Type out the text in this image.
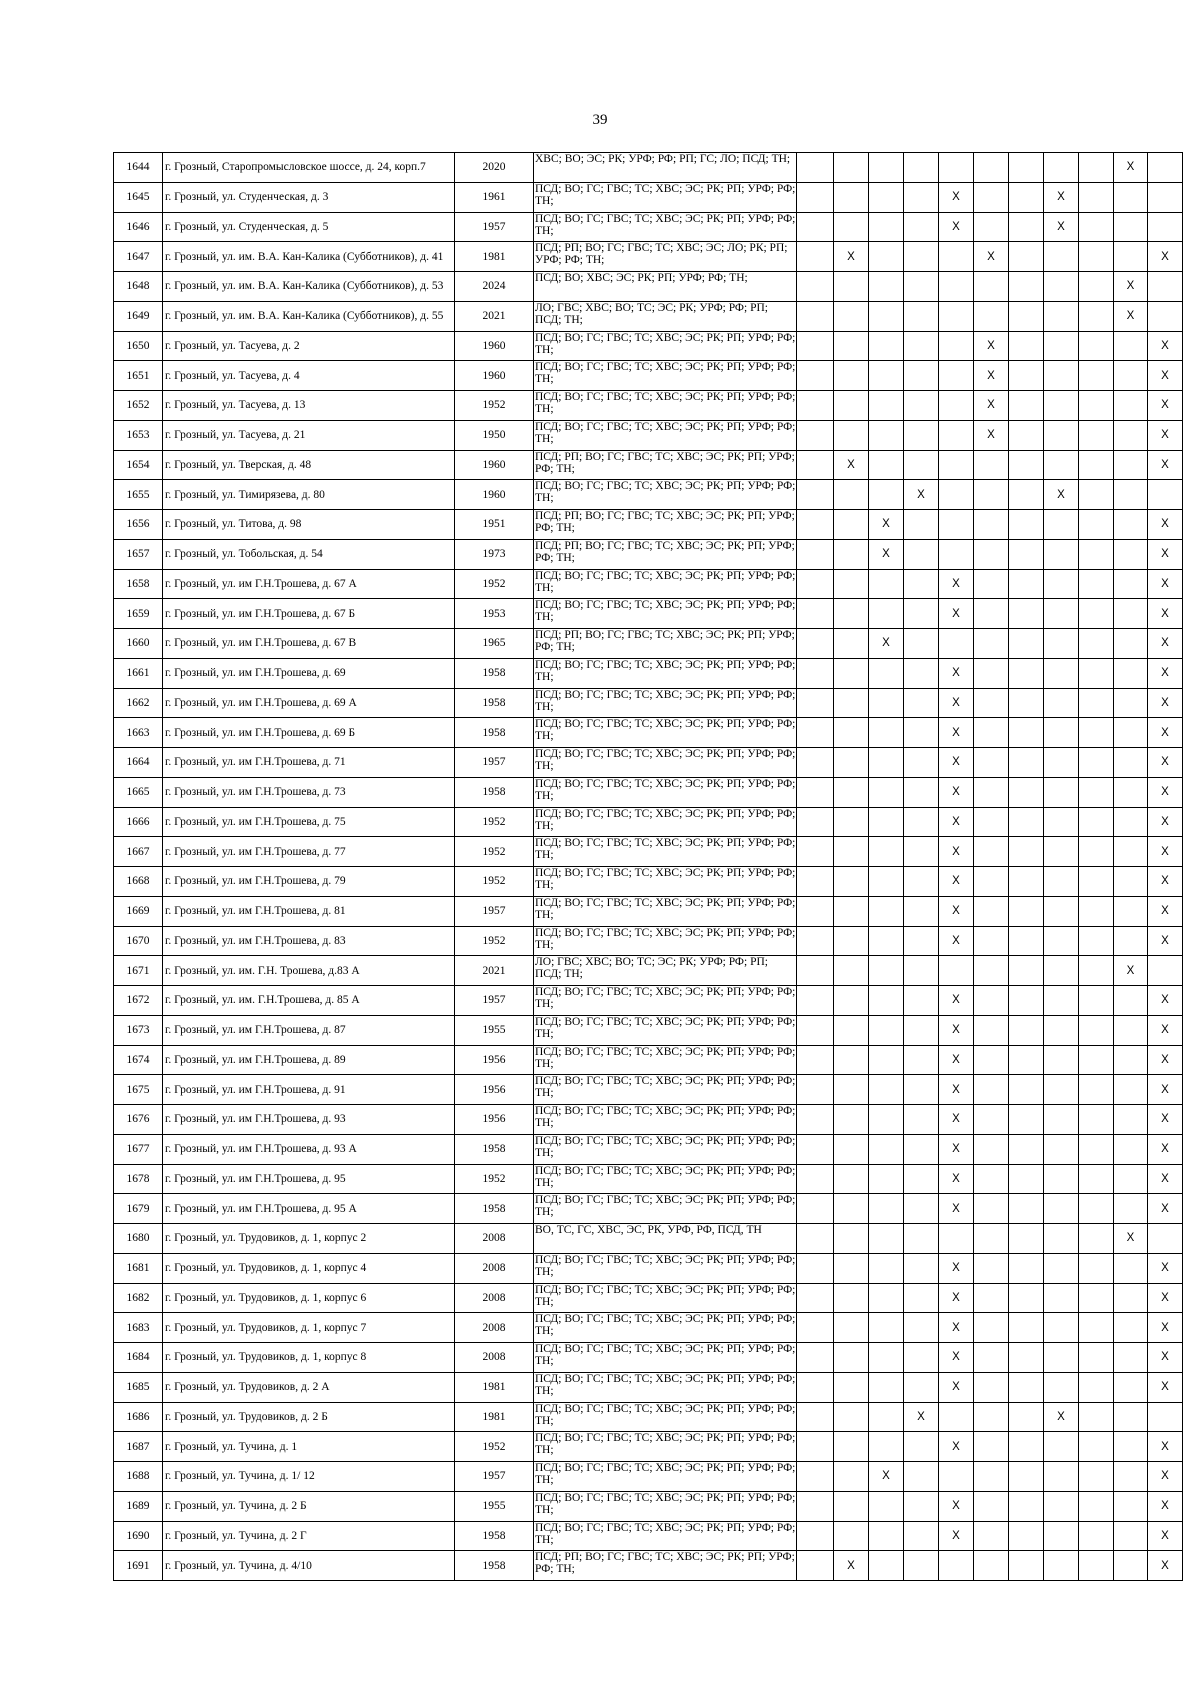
39
1644	г. Грозный, Старопромысловское шоссе, д. 24, корп.7	2020	ХВС; ВО; ЭС; РК; УРФ; РФ; РП; ГС; ЛО; ПСД; ТН;										X	
1645	г. Грозный, ул. Студенческая, д. 3	1961	ПСД; ВО; ГС; ГВС; ТС; ХВС; ЭС; РК; РП; УРФ; РФ; ТН;					X			X			
1646	г. Грозный, ул. Студенческая, д. 5	1957	ПСД; ВО; ГС; ГВС; ТС; ХВС; ЭС; РК; РП; УРФ; РФ; ТН;					X			X			
1647	г. Грозный, ул. им. В.А. Кан-Калика (Субботников), д. 41	1981	ПСД; РП; ВО; ГС; ГВС; ТС; ХВС; ЭС; ЛО; РК; РП; УРФ; РФ; ТН;		X				X					X
1648	г. Грозный, ул. им. В.А. Кан-Калика (Субботников), д. 53	2024	ПСД; ВО; ХВС; ЭС; РК; РП; УРФ; РФ; ТН;										X	
1649	г. Грозный, ул. им. В.А. Кан-Калика (Субботников), д. 55	2021	ЛО; ГВС; ХВС; ВО; ТС; ЭС; РК; УРФ; РФ; РП; ПСД; ТН;										X	
1650	г. Грозный, ул. Тасуева, д. 2	1960	ПСД; ВО; ГС; ГВС; ТС; ХВС; ЭС; РК; РП; УРФ; РФ; ТН;						X					X
1651	г. Грозный, ул. Тасуева, д. 4	1960	ПСД; ВО; ГС; ГВС; ТС; ХВС; ЭС; РК; РП; УРФ; РФ; ТН;						X					X
1652	г. Грозный, ул. Тасуева, д. 13	1952	ПСД; ВО; ГС; ГВС; ТС; ХВС; ЭС; РК; РП; УРФ; РФ; ТН;						X					X
1653	г. Грозный, ул. Тасуева, д. 21	1950	ПСД; ВО; ГС; ГВС; ТС; ХВС; ЭС; РК; РП; УРФ; РФ; ТН;						X					X
1654	г. Грозный, ул. Тверская, д. 48	1960	ПСД; РП; ВО; ГС; ГВС; ТС; ХВС; ЭС; РК; РП; УРФ; РФ; ТН;		X									X
1655	г. Грозный, ул. Тимирязева, д. 80	1960	ПСД; ВО; ГС; ГВС; ТС; ХВС; ЭС; РК; РП; УРФ; РФ; ТН;				X				X			
1656	г. Грозный, ул. Титова, д. 98	1951	ПСД; РП; ВО; ГС; ГВС; ТС; ХВС; ЭС; РК; РП; УРФ; РФ; ТН;			X								X
1657	г. Грозный, ул. Тобольская, д. 54	1973	ПСД; РП; ВО; ГС; ГВС; ТС; ХВС; ЭС; РК; РП; УРФ; РФ; ТН;			X								X
1658	г. Грозный, ул. им Г.Н.Трошева, д. 67 А	1952	ПСД; ВО; ГС; ГВС; ТС; ХВС; ЭС; РК; РП; УРФ; РФ; ТН;					X						X
1659	г. Грозный, ул. им Г.Н.Трошева, д. 67 Б	1953	ПСД; ВО; ГС; ГВС; ТС; ХВС; ЭС; РК; РП; УРФ; РФ; ТН;					X						X
1660	г. Грозный, ул. им Г.Н.Трошева, д. 67 В	1965	ПСД; РП; ВО; ГС; ГВС; ТС; ХВС; ЭС; РК; РП; УРФ; РФ; ТН;			X								X
1661	г. Грозный, ул. им Г.Н.Трошева, д. 69	1958	ПСД; ВО; ГС; ГВС; ТС; ХВС; ЭС; РК; РП; УРФ; РФ; ТН;					X						X
1662	г. Грозный, ул. им Г.Н.Трошева, д. 69 А	1958	ПСД; ВО; ГС; ГВС; ТС; ХВС; ЭС; РК; РП; УРФ; РФ; ТН;					X						X
1663	г. Грозный, ул. им Г.Н.Трошева, д. 69 Б	1958	ПСД; ВО; ГС; ГВС; ТС; ХВС; ЭС; РК; РП; УРФ; РФ; ТН;					X						X
1664	г. Грозный, ул. им Г.Н.Трошева, д. 71	1957	ПСД; ВО; ГС; ГВС; ТС; ХВС; ЭС; РК; РП; УРФ; РФ; ТН;					X						X
1665	г. Грозный, ул. им Г.Н.Трошева, д. 73	1958	ПСД; ВО; ГС; ГВС; ТС; ХВС; ЭС; РК; РП; УРФ; РФ; ТН;					X						X
1666	г. Грозный, ул. им Г.Н.Трошева, д. 75	1952	ПСД; ВО; ГС; ГВС; ТС; ХВС; ЭС; РК; РП; УРФ; РФ; ТН;					X						X
1667	г. Грозный, ул. им Г.Н.Трошева, д. 77	1952	ПСД; ВО; ГС; ГВС; ТС; ХВС; ЭС; РК; РП; УРФ; РФ; ТН;					X						X
1668	г. Грозный, ул. им Г.Н.Трошева, д. 79	1952	ПСД; ВО; ГС; ГВС; ТС; ХВС; ЭС; РК; РП; УРФ; РФ; ТН;					X						X
1669	г. Грозный, ул. им Г.Н.Трошева, д. 81	1957	ПСД; ВО; ГС; ГВС; ТС; ХВС; ЭС; РК; РП; УРФ; РФ; ТН;					X						X
1670	г. Грозный, ул. им Г.Н.Трошева, д. 83	1952	ПСД; ВО; ГС; ГВС; ТС; ХВС; ЭС; РК; РП; УРФ; РФ; ТН;					X						X
1671	г. Грозный, ул. им. Г.Н. Трошева, д.83 А	2021	ЛО; ГВС; ХВС; ВО; ТС; ЭС; РК; УРФ; РФ; РП; ПСД; ТН;										X	
1672	г. Грозный, ул. им. Г.Н.Трошева, д. 85 А	1957	ПСД; ВО; ГС; ГВС; ТС; ХВС; ЭС; РК; РП; УРФ; РФ; ТН;					X						X
1673	г. Грозный, ул. им Г.Н.Трошева, д. 87	1955	ПСД; ВО; ГС; ГВС; ТС; ХВС; ЭС; РК; РП; УРФ; РФ; ТН;					X						X
1674	г. Грозный, ул. им Г.Н.Трошева, д. 89	1956	ПСД; ВО; ГС; ГВС; ТС; ХВС; ЭС; РК; РП; УРФ; РФ; ТН;					X						X
1675	г. Грозный, ул. им Г.Н.Трошева, д. 91	1956	ПСД; ВО; ГС; ГВС; ТС; ХВС; ЭС; РК; РП; УРФ; РФ; ТН;					X						X
1676	г. Грозный, ул. им Г.Н.Трошева, д. 93	1956	ПСД; ВО; ГС; ГВС; ТС; ХВС; ЭС; РК; РП; УРФ; РФ; ТН;					X						X
1677	г. Грозный, ул. им Г.Н.Трошева, д. 93 А	1958	ПСД; ВО; ГС; ГВС; ТС; ХВС; ЭС; РК; РП; УРФ; РФ; ТН;					X						X
1678	г. Грозный, ул. им Г.Н.Трошева, д. 95	1952	ПСД; ВО; ГС; ГВС; ТС; ХВС; ЭС; РК; РП; УРФ; РФ; ТН;					X						X
1679	г. Грозный, ул. им Г.Н.Трошева, д. 95 А	1958	ПСД; ВО; ГС; ГВС; ТС; ХВС; ЭС; РК; РП; УРФ; РФ; ТН;					X						X
1680	г. Грозный, ул. Трудовиков, д. 1, корпус 2	2008	ВО, ТС, ГС, ХВС, ЭС, РК, УРФ, РФ, ПСД, ТН										X	
1681	г. Грозный, ул. Трудовиков, д. 1, корпус 4	2008	ПСД; ВО; ГС; ГВС; ТС; ХВС; ЭС; РК; РП; УРФ; РФ; ТН;					X						X
1682	г. Грозный, ул. Трудовиков, д. 1, корпус 6	2008	ПСД; ВО; ГС; ГВС; ТС; ХВС; ЭС; РК; РП; УРФ; РФ; ТН;					X						X
1683	г. Грозный, ул. Трудовиков, д. 1, корпус 7	2008	ПСД; ВО; ГС; ГВС; ТС; ХВС; ЭС; РК; РП; УРФ; РФ; ТН;					X						X
1684	г. Грозный, ул. Трудовиков, д. 1, корпус 8	2008	ПСД; ВО; ГС; ГВС; ТС; ХВС; ЭС; РК; РП; УРФ; РФ; ТН;					X						X
1685	г. Грозный, ул. Трудовиков, д. 2 А	1981	ПСД; ВО; ГС; ГВС; ТС; ХВС; ЭС; РК; РП; УРФ; РФ; ТН;					X						X
1686	г. Грозный, ул. Трудовиков, д. 2 Б	1981	ПСД; ВО; ГС; ГВС; ТС; ХВС; ЭС; РК; РП; УРФ; РФ; ТН;				X				X			
1687	г. Грозный, ул. Тучина, д. 1	1952	ПСД; ВО; ГС; ГВС; ТС; ХВС; ЭС; РК; РП; УРФ; РФ; ТН;					X						X
1688	г. Грозный, ул. Тучина, д. 1/ 12	1957	ПСД; ВО; ГС; ГВС; ТС; ХВС; ЭС; РК; РП; УРФ; РФ; ТН;			X								X
1689	г. Грозный, ул. Тучина, д. 2 Б	1955	ПСД; ВО; ГС; ГВС; ТС; ХВС; ЭС; РК; РП; УРФ; РФ; ТН;					X						X
1690	г. Грозный, ул. Тучина, д. 2 Г	1958	ПСД; ВО; ГС; ГВС; ТС; ХВС; ЭС; РК; РП; УРФ; РФ; ТН;					X						X
1691	г. Грозный, ул. Тучина, д. 4/10	1958	ПСД; РП; ВО; ГС; ГВС; ТС; ХВС; ЭС; РК; РП; УРФ; РФ; ТН;		X									X
